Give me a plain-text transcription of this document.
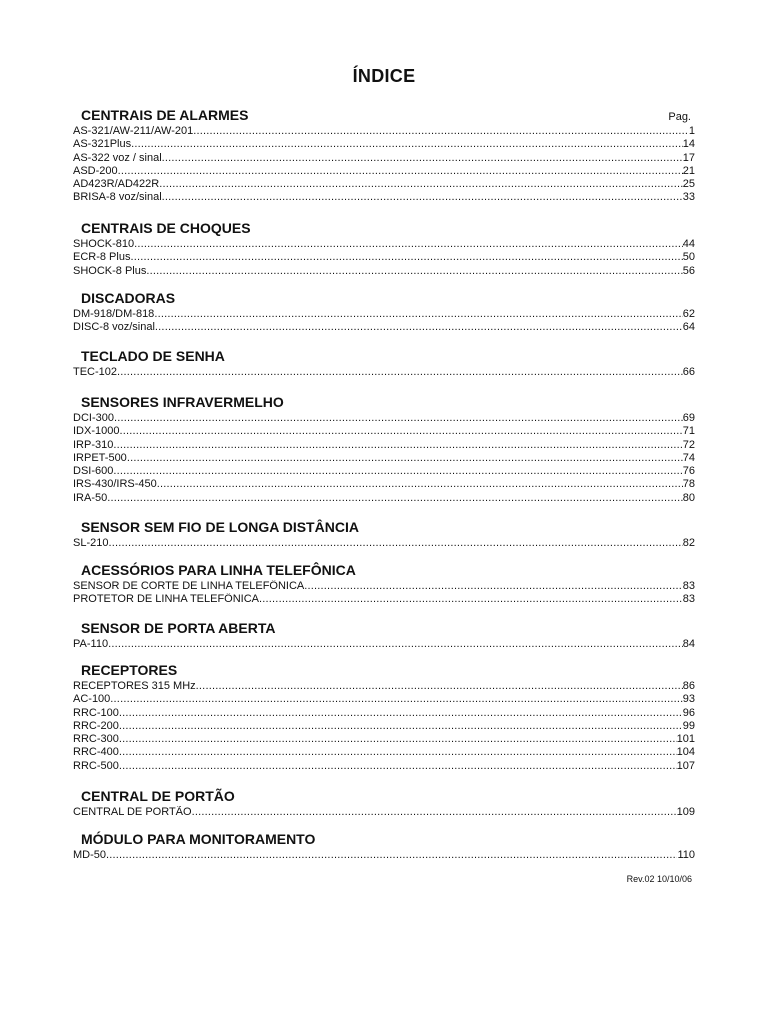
ÍNDICE
CENTRAIS DE ALARMES	Pag.
AS-321/AW-211/AW-201 .....	1
AS-321Plus .....	14
AS-322 voz / sinal .....	17
ASD-200 .....	21
AD423R/AD422R .....	25
BRISA-8 voz/sinal .....	33
CENTRAIS DE CHOQUES
SHOCK-810 .....	44
ECR-8 Plus .....	50
SHOCK-8 Plus .....	56
DISCADORAS
DM-918/DM-818 .....	62
DISC-8 voz/sinal .....	64
TECLADO DE SENHA
TEC-102 .....	66
SENSORES INFRAVERMELHO
DCI-300 .....	69
IDX-1000 .....	71
IRP-310 .....	72
IRPET-500 .....	74
DSI-600 .....	76
IRS-430/IRS-450 .....	78
IRA-50 .....	80
SENSOR SEM FIO DE LONGA DISTÂNCIA
SL-210 .....	82
ACESSÓRIOS PARA LINHA TELEFÔNICA
SENSOR DE CORTE DE LINHA TELEFÔNICA .....	83
PROTETOR DE LINHA TELEFÔNICA .....	83
SENSOR DE PORTA ABERTA
PA-110 .....	84
RECEPTORES
RECEPTORES 315 MHz .....	86
AC-100 .....	93
RRC-100 .....	96
RRC-200 .....	99
RRC-300 .....	101
RRC-400 .....	104
RRC-500 .....	107
CENTRAL DE PORTÃO
CENTRAL DE PORTÃO .....	109
MÓDULO PARA MONITORAMENTO
MD-50 .....	110
Rev.02 10/10/06
